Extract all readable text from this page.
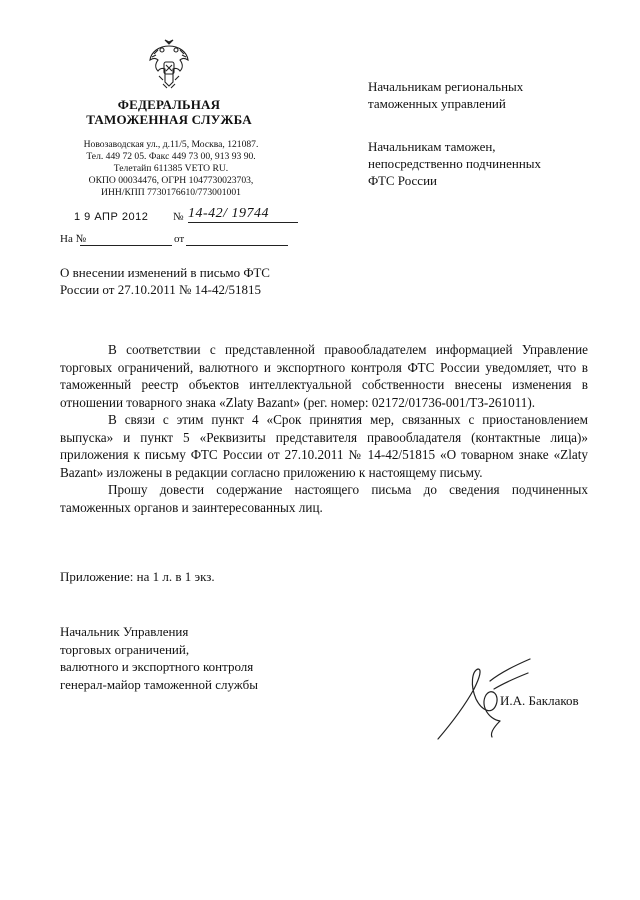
ФЕДЕРАЛЬНАЯ
ТАМОЖЕННАЯ СЛУЖБА
Новозаводская ул., д.11/5, Москва, 121087.
Тел. 449 72 05. Факс 449 73 00, 913 93 90.
Телетайп 611385 VETO RU.
ОКПО 00034476, ОГРН 1047730023703,
ИНН/КПП 7730176610/773001001
1 9 АПР 2012 № 14-42/ 19744
На №	от
О внесении изменений в письмо ФТС
России от 27.10.2011 № 14-42/51815
Начальникам региональных
таможенных управлений
Начальникам таможен,
непосредственно подчиненных
ФТС России

В соответствии с представленной правообладателем информацией Управление торговых ограничений, валютного и экспортного контроля ФТС России уведомляет, что в таможенный реестр объектов интеллектуальной собственности внесены изменения в отношении товарного знака «Zlaty Bazant» (рег. номер: 02172/01736-001/ТЗ-261011).

В связи с этим пункт 4 «Срок принятия мер, связанных с приостановлением выпуска» и пункт 5 «Реквизиты представителя правообладателя (контактные лица)» приложения к письму ФТС России от 27.10.2011 № 14-42/51815 «О товарном знаке «Zlaty Bazant» изложены в редакции согласно приложению к настоящему письму.

Прошу довести содержание настоящего письма до сведения подчиненных таможенных органов и заинтересованных лиц.

Приложение: на 1 л. в 1 экз.
Начальник Управления
торговых ограничений,
валютного и экспортного контроля
генерал-майор таможенной службы
И.А. Баклаков
